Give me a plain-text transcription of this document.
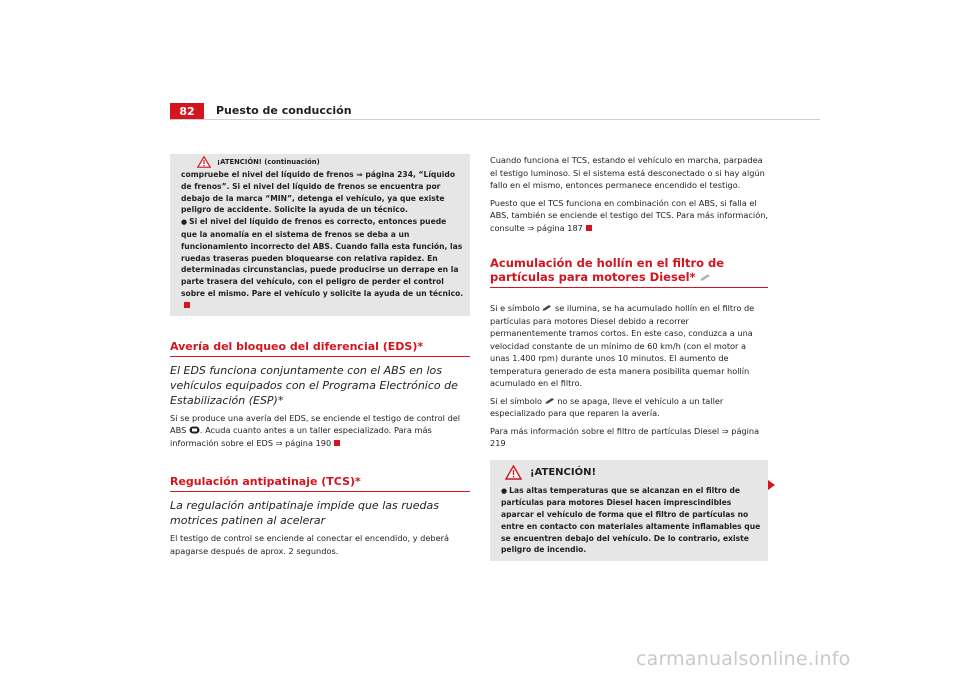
82	Puesto de conducción
¡ATENCIÓN! (continuación)

compruebe el nivel del líquido de frenos ⇒ página 234, “Líquido de frenos”. Si el nivel del líquido de frenos se encuentra por debajo de la marca “MIN”, detenga el vehículo, ya que existe peligro de accidente. Solicite la ayuda de un técnico.

● Si el nivel del líquido de frenos es correcto, entonces puede que la anomalía en el sistema de frenos se deba a un funcionamiento incorrecto del ABS. Cuando falla esta función, las ruedas traseras pueden bloquearse con relativa rapidez. En determinadas circunstancias, puede producirse un derrape en la parte trasera del vehículo, con el peligro de perder el control sobre el mismo. Pare el vehículo y solicite la ayuda de un técnico.

Avería del bloqueo del diferencial (EDS)*
El EDS funciona conjuntamente con el ABS en los vehículos equipados con el Programa Electrónico de Estabilización (ESP)*

Si se produce una avería del EDS, se enciende el testigo de control del ABS . Acuda cuanto antes a un taller especializado. Para más información sobre el EDS ⇒ página 190

Regulación antipatinaje (TCS)*
La regulación antipatinaje impide que las ruedas motrices patinen al acelerar

El testigo de control se enciende al conectar el encendido, y deberá apagarse después de aprox. 2 segundos.

Cuando funciona el TCS, estando el vehículo en marcha, parpadea el testigo luminoso. Si el sistema está desconectado o si hay algún fallo en el mismo, entonces permanece encendido el testigo.

Puesto que el TCS funciona en combinación con el ABS, si falla el ABS, también se enciende el testigo del TCS. Para más información, consulte ⇒ página 187

Acumulación de hollín en el filtro de partículas para motores Diesel*

Si e símbolo se ilumina, se ha acumulado hollín en el filtro de partículas para motores Diesel debido a recorrer permanentemente tramos cortos. En este caso, conduzca a una velocidad constante de un mínimo de 60 km/h (con el motor a unas 1.400 rpm) durante unos 10 minutos. El aumento de temperatura generado de esta manera posibilita quemar hollín acumulado en el filtro.

Si el símbolo no se apaga, lleve el vehículo a un taller especializado para que reparen la avería.

Para más información sobre el filtro de partículas Diesel ⇒ página 219

¡ATENCIÓN!

● Las altas temperaturas que se alcanzan en el filtro de partículas para motores Diesel hacen imprescindibles aparcar el vehículo de forma que el filtro de partículas no entre en contacto con materiales altamente inflamables que se encuentren debajo del vehículo. De lo contrario, existe peligro de incendio.

carmanualsonline.info
